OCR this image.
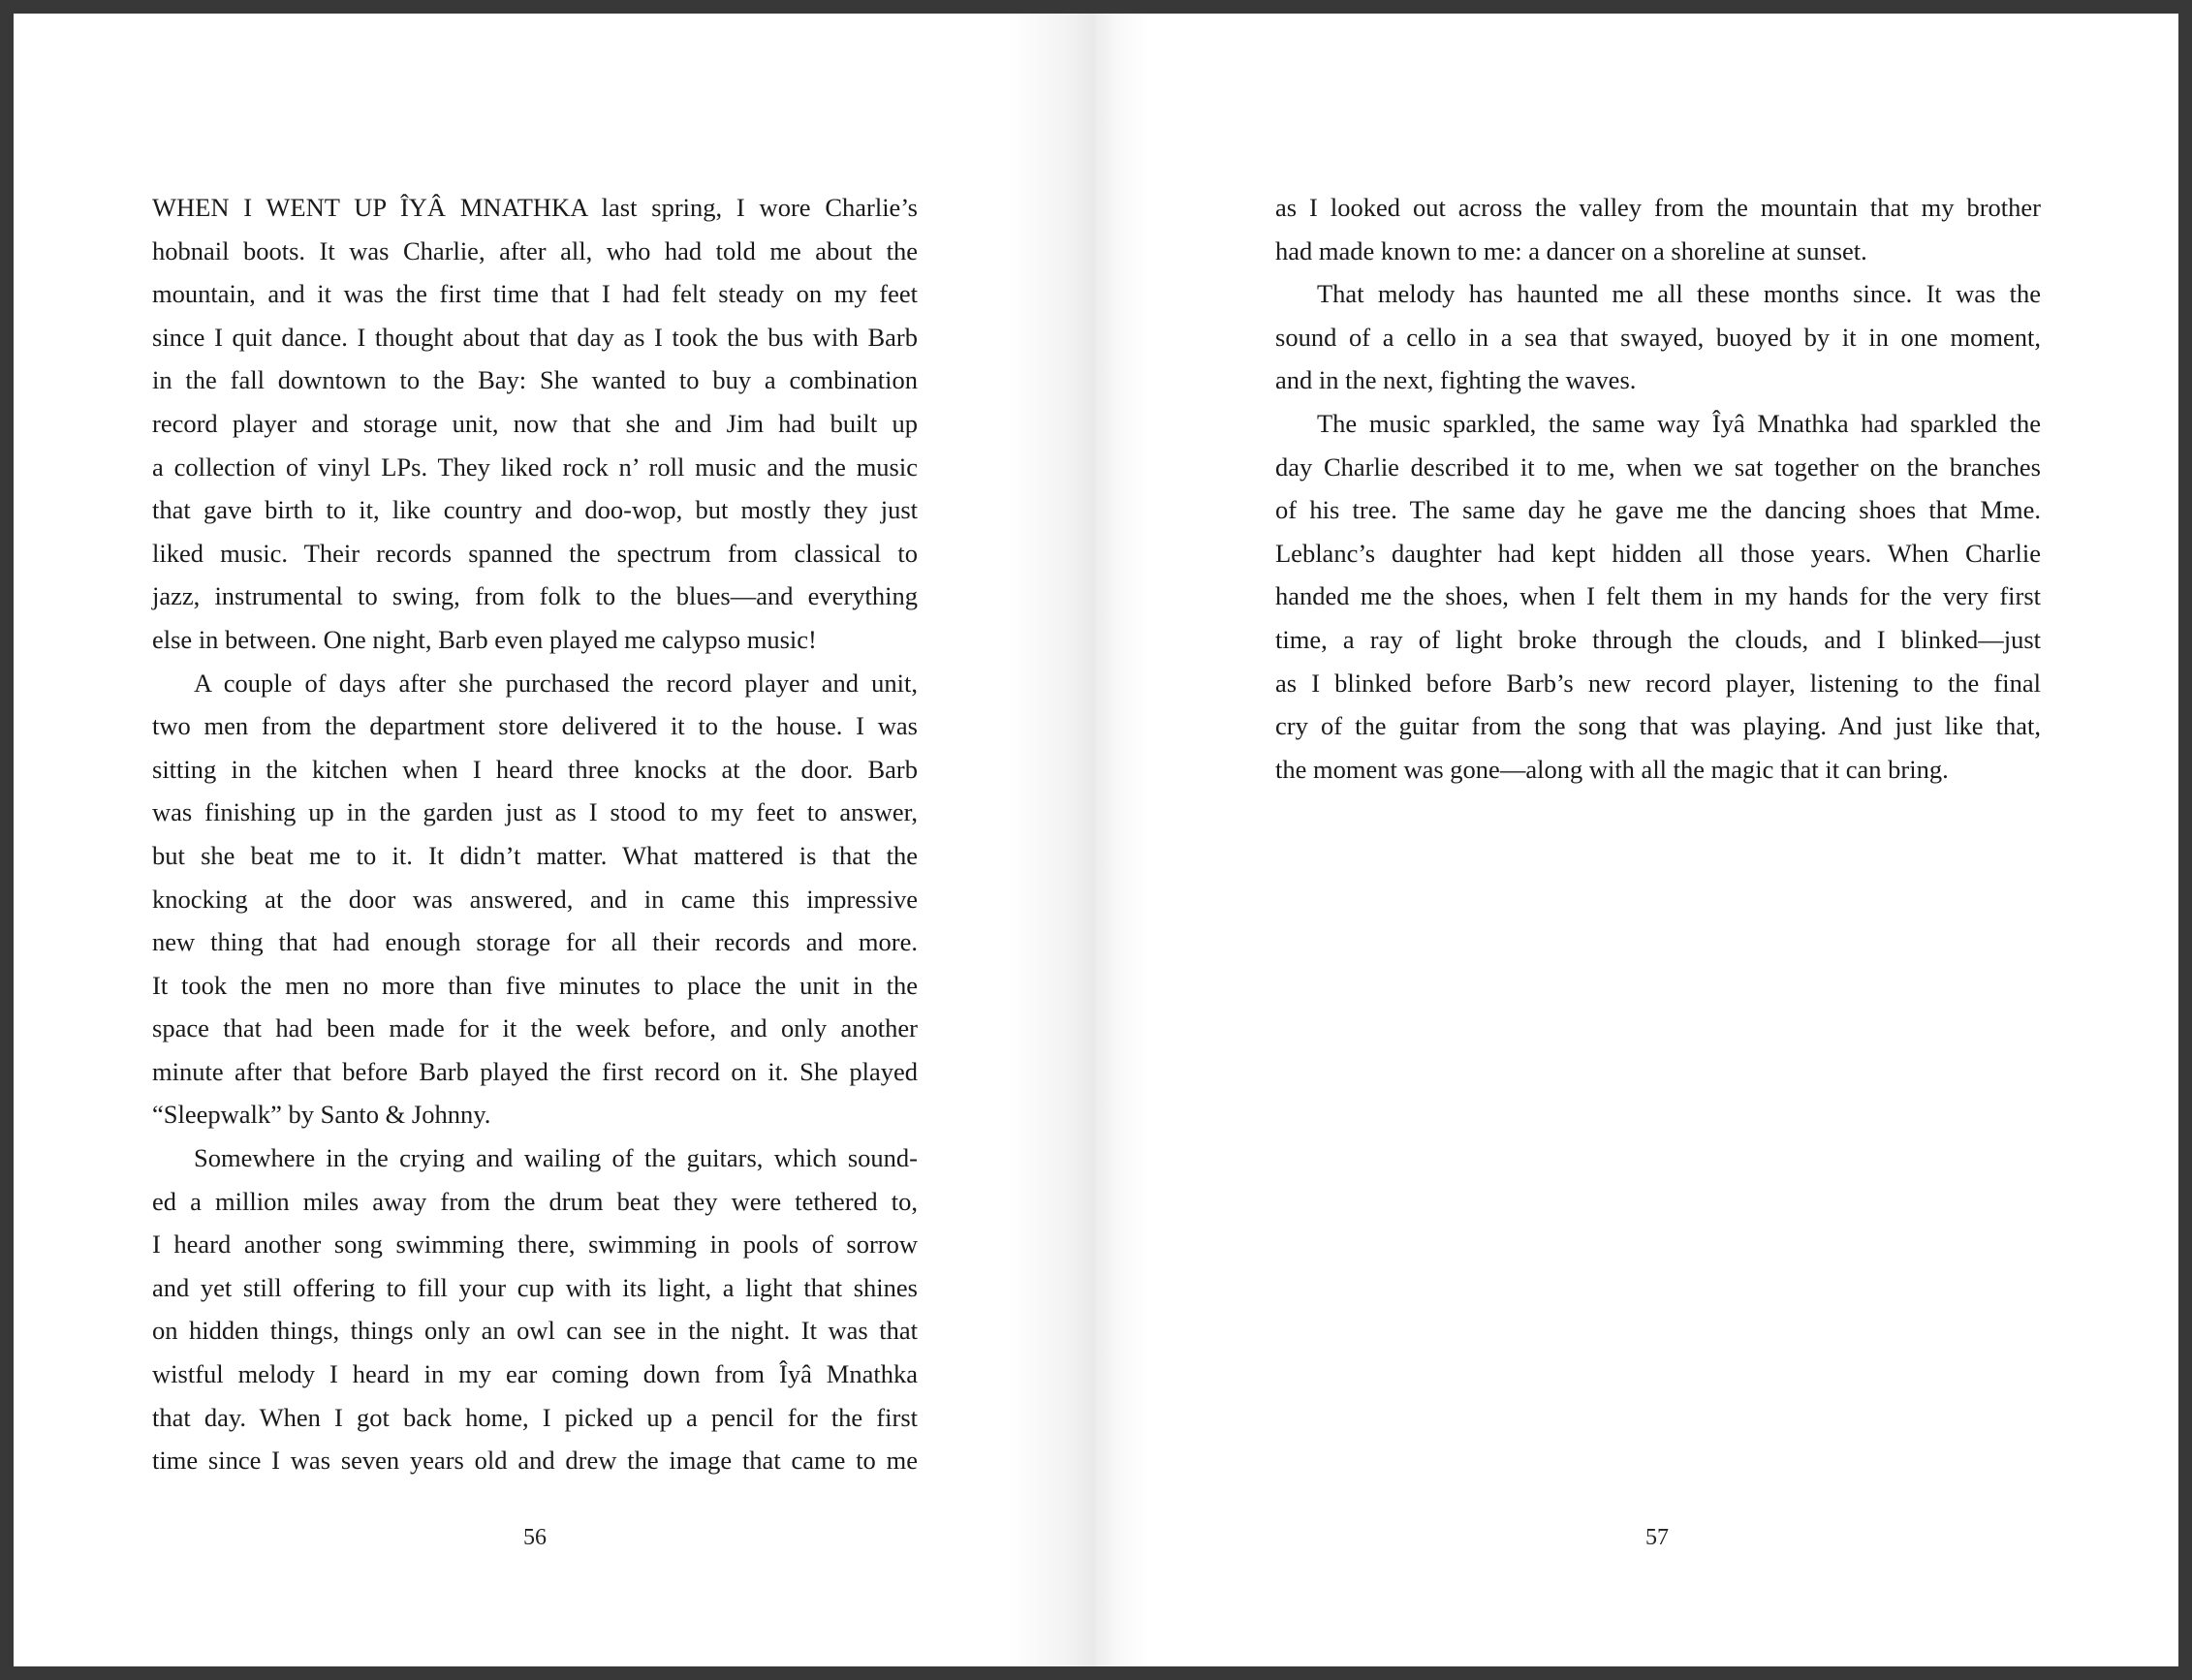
WHEN I WENT UP ÎYÂ MNATHKA last spring, I wore Charlie’s
hobnail boots. It was Charlie, after all, who had told me about the
mountain, and it was the first time that I had felt steady on my feet
since I quit dance. I thought about that day as I took the bus with Barb
in the fall downtown to the Bay: She wanted to buy a combination
record player and storage unit, now that she and Jim had built up
a collection of vinyl LPs. They liked rock n’ roll music and the music
that gave birth to it, like country and doo-wop, but mostly they just
liked music. Their records spanned the spectrum from classical to
jazz, instrumental to swing, from folk to the blues—and everything
else in between. One night, Barb even played me calypso music!
A couple of days after she purchased the record player and unit,
two men from the department store delivered it to the house. I was
sitting in the kitchen when I heard three knocks at the door. Barb
was finishing up in the garden just as I stood to my feet to answer,
but she beat me to it. It didn’t matter. What mattered is that the
knocking at the door was answered, and in came this impressive
new thing that had enough storage for all their records and more.
It took the men no more than five minutes to place the unit in the
space that had been made for it the week before, and only another
minute after that before Barb played the first record on it. She played
“Sleepwalk” by Santo & Johnny.
Somewhere in the crying and wailing of the guitars, which sound-
ed a million miles away from the drum beat they were tethered to,
I heard another song swimming there, swimming in pools of sorrow
and yet still offering to fill your cup with its light, a light that shines
on hidden things, things only an owl can see in the night. It was that
wistful melody I heard in my ear coming down from Îyâ Mnathka
that day. When I got back home, I picked up a pencil for the first
time since I was seven years old and drew the image that came to me
56
as I looked out across the valley from the mountain that my brother
had made known to me: a dancer on a shoreline at sunset.
That melody has haunted me all these months since. It was the
sound of a cello in a sea that swayed, buoyed by it in one moment,
and in the next, fighting the waves.
The music sparkled, the same way Îyâ Mnathka had sparkled the
day Charlie described it to me, when we sat together on the branches
of his tree. The same day he gave me the dancing shoes that Mme.
Leblanc’s daughter had kept hidden all those years. When Charlie
handed me the shoes, when I felt them in my hands for the very first
time, a ray of light broke through the clouds, and I blinked—just
as I blinked before Barb’s new record player, listening to the final
cry of the guitar from the song that was playing. And just like that,
the moment was gone—along with all the magic that it can bring.
57
